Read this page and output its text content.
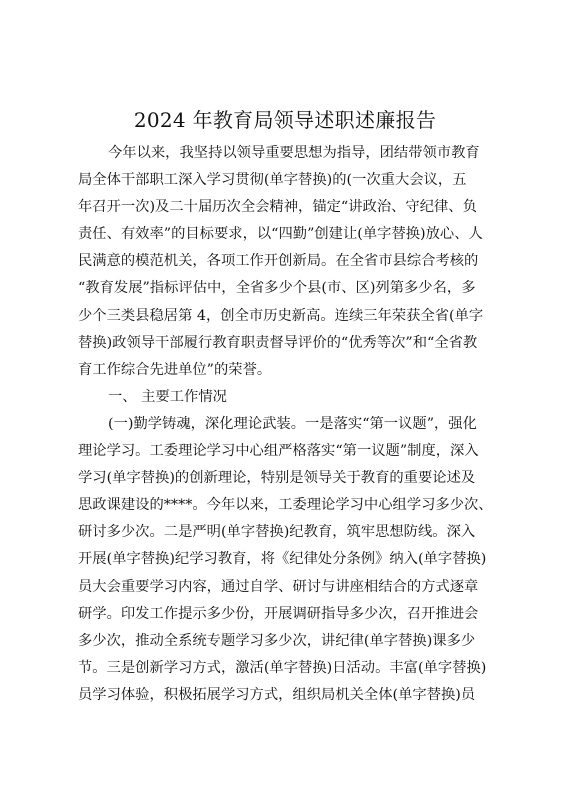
2024 年教育局领导述职述廉报告
今年以来，我坚持以领导重要思想为指导，团结带领市教育
局全体干部职工深入学习贯彻(单字替换)的(一次重大会议，五
年召开一次)及二十届历次全会精神，锚定“讲政治、守纪律、负
责任、有效率”的目标要求，以“四勤”创建让(单字替换)放心、人
民满意的模范机关，各项工作开创新局。在全省市县综合考核的
“教育发展”指标评估中，全省多少个县(市、区)列第多少名，多
少个三类县稳居第 4，创全市历史新高。连续三年荣获全省(单字
替换)政领导干部履行教育职责督导评价的“优秀等次”和“全省教
育工作综合先进单位”的荣誉。
一、 主要工作情况
(一)勤学铸魂，深化理论武装。一是落实“第一议题”，强化
理论学习。工委理论学习中心组严格落实“第一议题”制度，深入
学习(单字替换)的创新理论，特别是领导关于教育的重要论述及
思政课建设的****。今年以来，工委理论学习中心组学习多少次、
研讨多少次。二是严明(单字替换)纪教育，筑牢思想防线。深入
开展(单字替换)纪学习教育，将《纪律处分条例》纳入(单字替换)
员大会重要学习内容，通过自学、研讨与讲座相结合的方式逐章
研学。印发工作提示多少份，开展调研指导多少次，召开推进会
多少次，推动全系统专题学习多少次，讲纪律(单字替换)课多少
节。三是创新学习方式，激活(单字替换)日活动。丰富(单字替换)
员学习体验，积极拓展学习方式，组织局机关全体(单字替换)员
